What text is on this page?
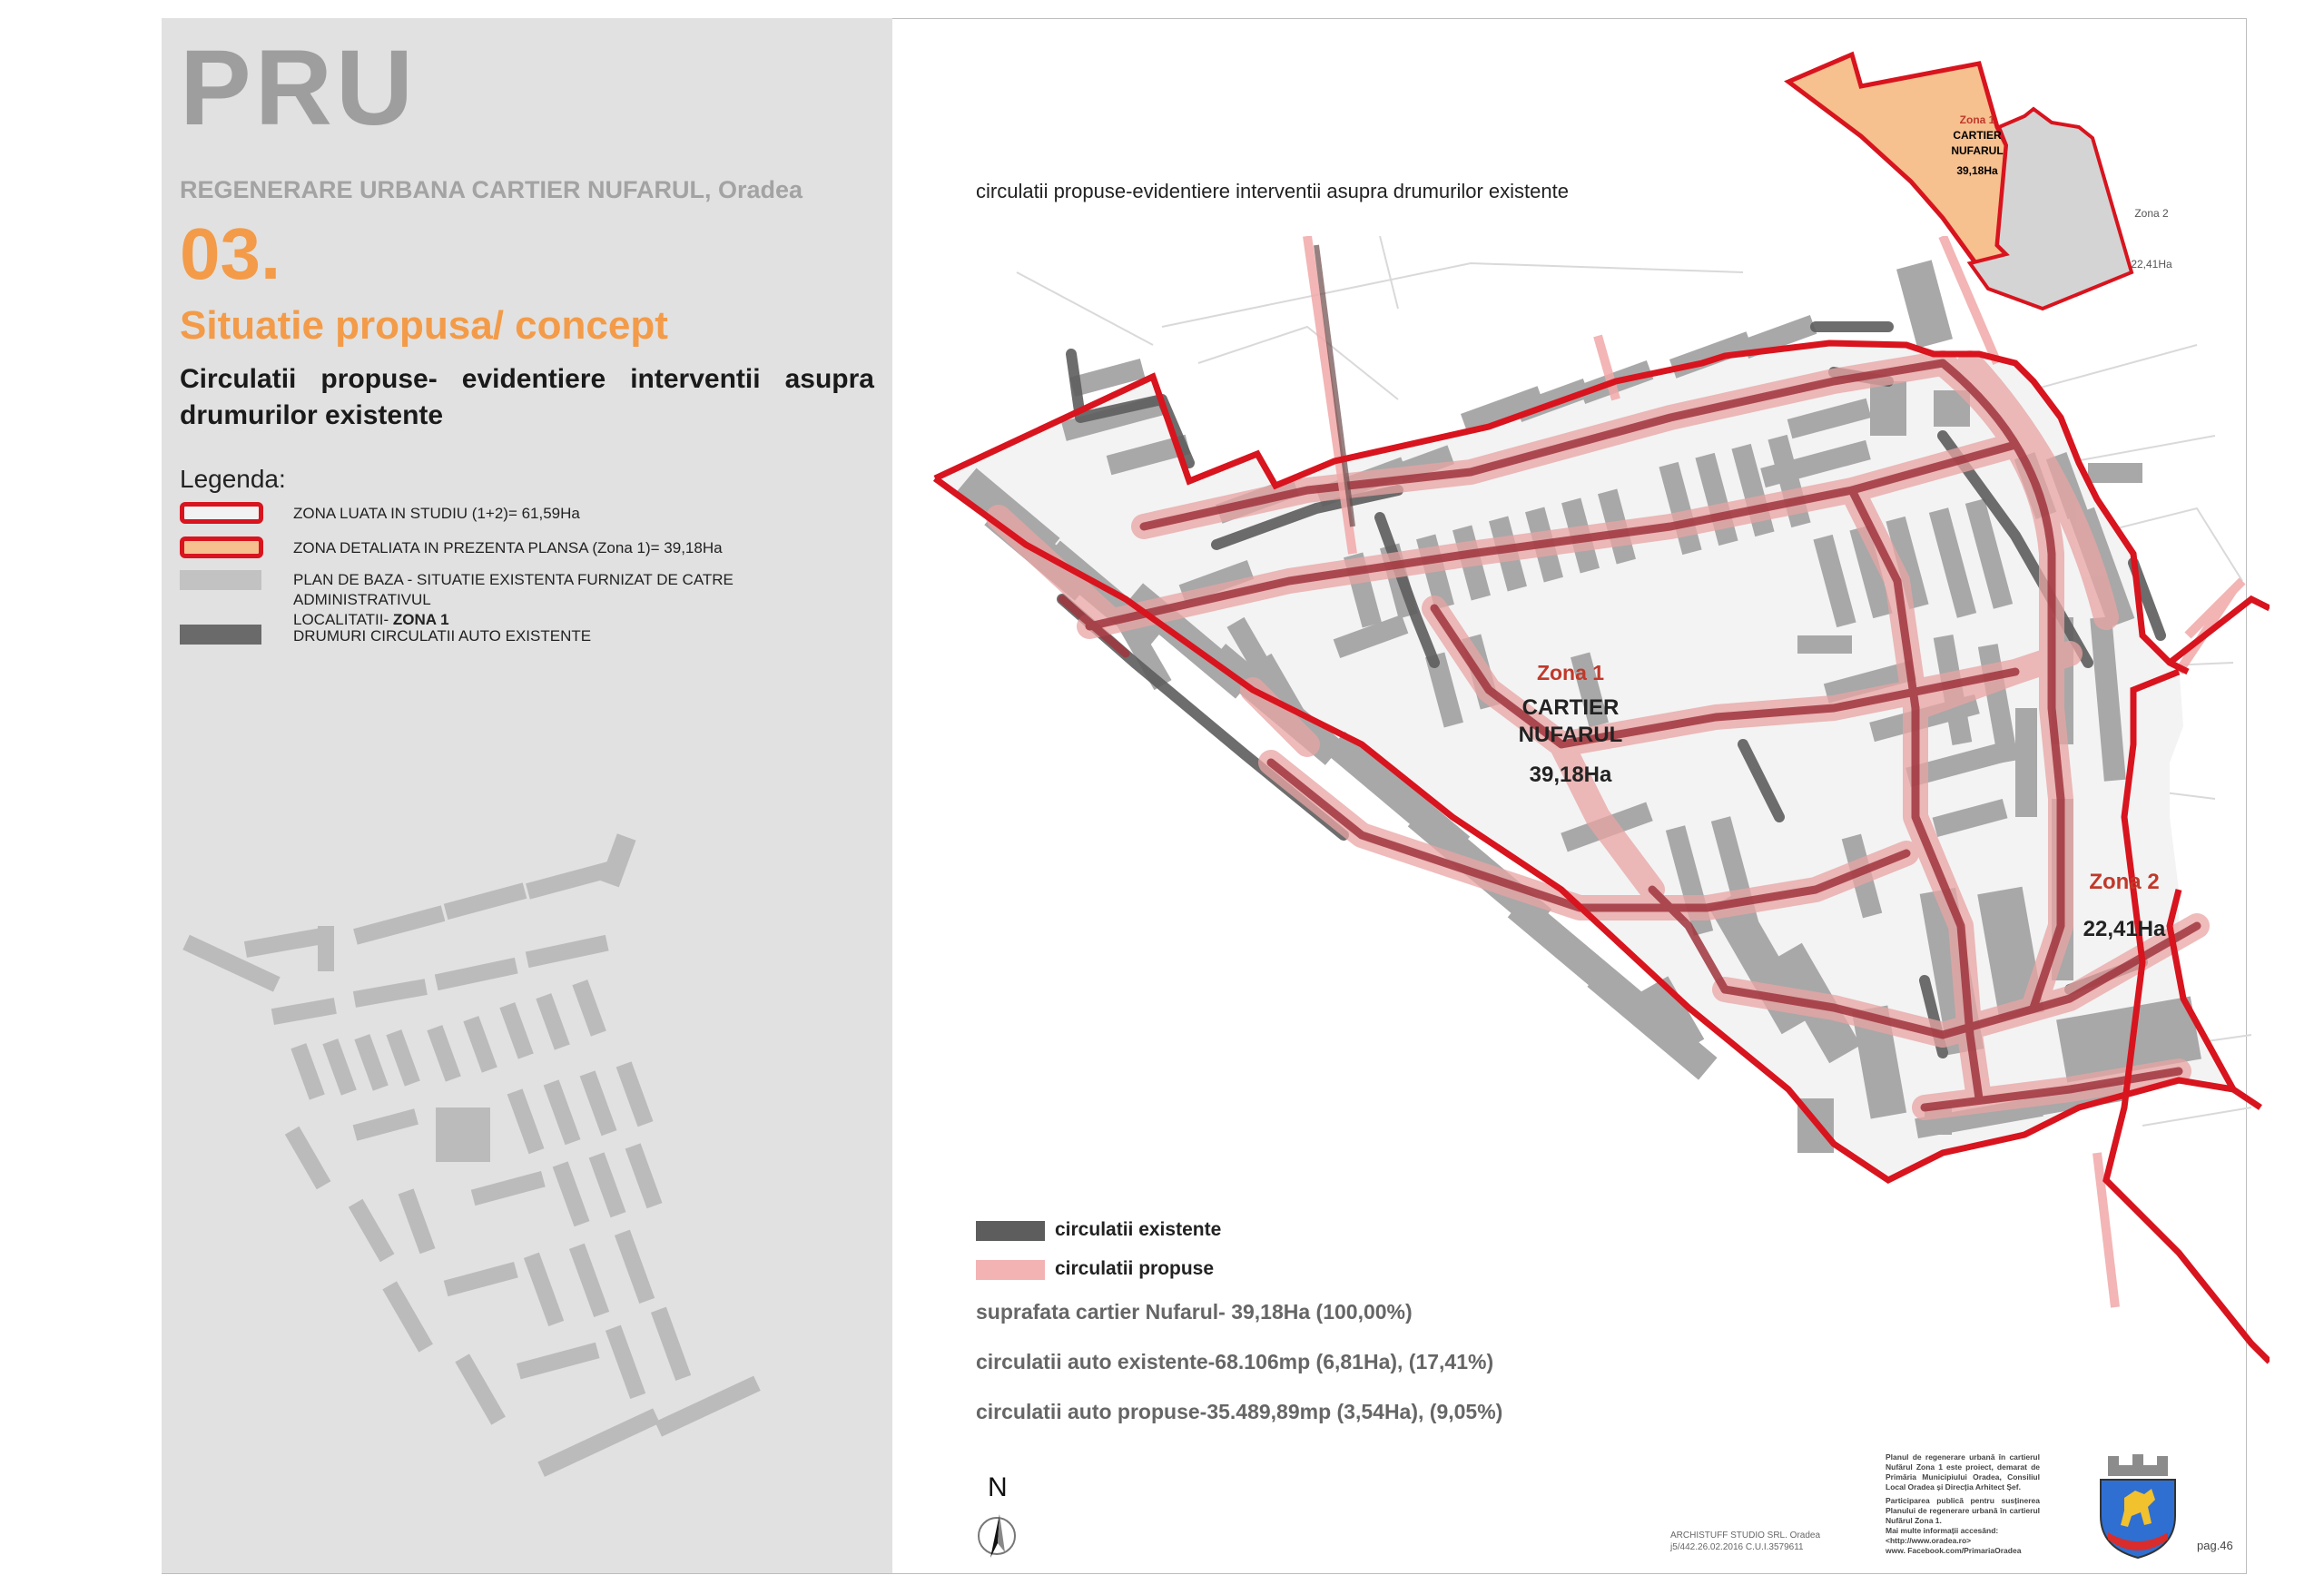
PRU
REGENERARE URBANA CARTIER NUFARUL, Oradea
03.
Situatie propusa/ concept
Circulatii propuse- evidentiere interventii asupra drumurilor existente
Legenda:
ZONA LUATA IN STUDIU (1+2)= 61,59Ha
ZONA DETALIATA IN PREZENTA PLANSA (Zona 1)= 39,18Ha
PLAN DE BAZA - SITUATIE EXISTENTA FURNIZAT DE CATRE ADMINISTRATIVUL
LOCALITATII- ZONA 1
DRUMURI CIRCULATII AUTO EXISTENTE
circulatii propuse-evidentiere interventii asupra drumurilor existente
Zona 1
CARTIER
NUFARUL
39,18Ha
Zona 2
22,41Ha
Zona 1
CARTIER
NUFARUL
39,18Ha
Zona 2
22,41Ha
circulatii existente
circulatii propuse
suprafata cartier Nufarul- 39,18Ha (100,00%)
circulatii auto existente-68.106mp (6,81Ha), (17,41%)
circulatii auto propuse-35.489,89mp (3,54Ha), (9,05%)
N
ARCHISTUFF STUDIO SRL. Oradea
j5/442.26.02.2016 C.U.I.3579611
Planul de regenerare urbană în cartierul Nufărul Zona 1 este proiect, demarat de Primăria Municipiului Oradea, Consiliul Local Oradea și Direcția Arhitect Șef.
Participarea publică pentru susținerea Planului de regenerare urbană în cartierul Nufărul Zona 1.
Mai multe informații accesând:
<http://www.oradea.ro>
www. Facebook.com/PrimariaOradea	pag.46
